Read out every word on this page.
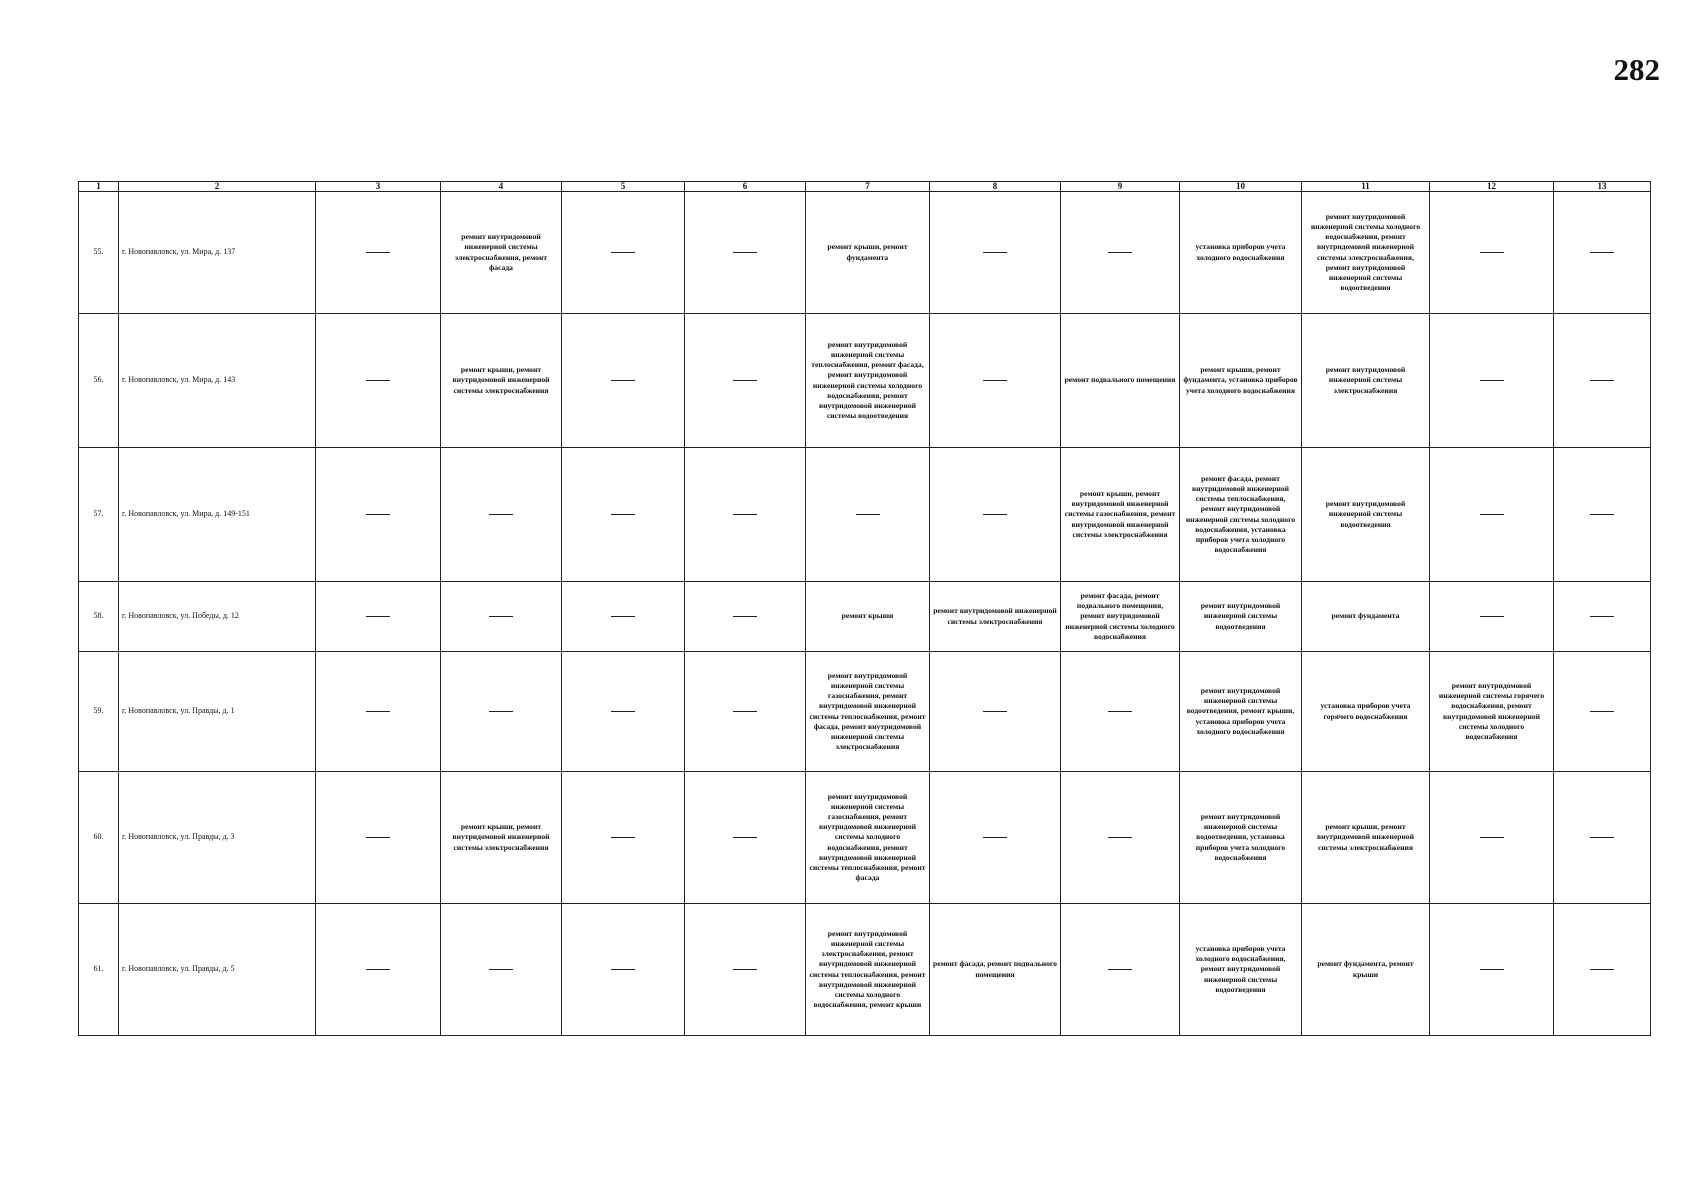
282
1	2	3	4	5	6	7	8	9	10	11	12	13
55.	г. Новопавловск, ул. Мира, д. 137		ремонт внутридомовой инженерной системы электроснабжения, ремонт фасада			ремонт крыши, ремонт фундамента			установка приборов учета холодного водоснабжения	ремонт внутридомовой инженерной системы холодного водоснабжения, ремонт внутридомовой инженерной системы электроснабжения, ремонт внутридомовой инженерной системы водоотведения		
56.	г. Новопавловск, ул. Мира, д. 143		ремонт крыши, ремонт внутридомовой инженерной системы электроснабжения			ремонт внутридомовой инженерной системы теплоснабжения, ремонт фасада, ремонт внутридомовой инженерной системы холодного водоснабжения, ремонт внутридомовой инженерной системы водоотведения		ремонт подвального помещения	ремонт крыши, ремонт фундамента, установка приборов учета холодного водоснабжения	ремонт внутридомовой инженерной системы электроснабжения		
57.	г. Новопавловск, ул. Мира, д. 149-151							ремонт крыши, ремонт внутридомовой инженерной системы газоснабжения, ремонт внутридомовой инженерной системы электроснабжения	ремонт фасада, ремонт внутридомовой инженерной системы теплоснабжения, ремонт внутридомовой инженерной системы холодного водоснабжения, установка приборов учета холодного водоснабжения	ремонт внутридомовой инженерной системы водоотведения		
58.	г. Новопавловск, ул. Победы, д. 12					ремонт крыши	ремонт внутридомовой инженерной системы электроснабжения	ремонт фасада, ремонт подвального помещения, ремонт внутридомовой инженерной системы холодного водоснабжения	ремонт внутридомовой инженерной системы водоотведения	ремонт фундамента		
59.	г. Новопавловск, ул. Правды, д. 1					ремонт внутридомовой инженерной системы газоснабжения, ремонт внутридомовой инженерной системы теплоснабжения, ремонт фасада, ремонт внутридомовой инженерной системы электроснабжения			ремонт внутридомовой инженерной системы водоотведения, ремонт крыши, установка приборов учета холодного водоснабжения	установка приборов учета горячего водоснабжения	ремонт внутридомовой инженерной системы горячего водоснабжения, ремонт внутридомовой инженерной системы холодного водоснабжения	
60.	г. Новопавловск, ул. Правды, д. 3		ремонт крыши, ремонт внутридомовой инженерной системы электроснабжения			ремонт внутридомовой инженерной системы газоснабжения, ремонт внутридомовой инженерной системы холодного водоснабжения, ремонт внутридомовой инженерной системы теплоснабжения, ремонт фасада			ремонт внутридомовой инженерной системы водоотведения, установка приборов учета холодного водоснабжения	ремонт крыши, ремонт внутридомовой инженерной системы электроснабжения		
61.	г. Новопавловск, ул. Правды, д. 5					ремонт внутридомовой инженерной системы электроснабжения, ремонт внутридомовой инженерной системы теплоснабжения, ремонт внутридомовой инженерной системы холодного водоснабжения, ремонт крыши	ремонт фасада, ремонт подвального помещения		установка приборов учета холодного водоснабжения, ремонт внутридомовой инженерной системы водоотведения	ремонт фундамента, ремонт крыши		
